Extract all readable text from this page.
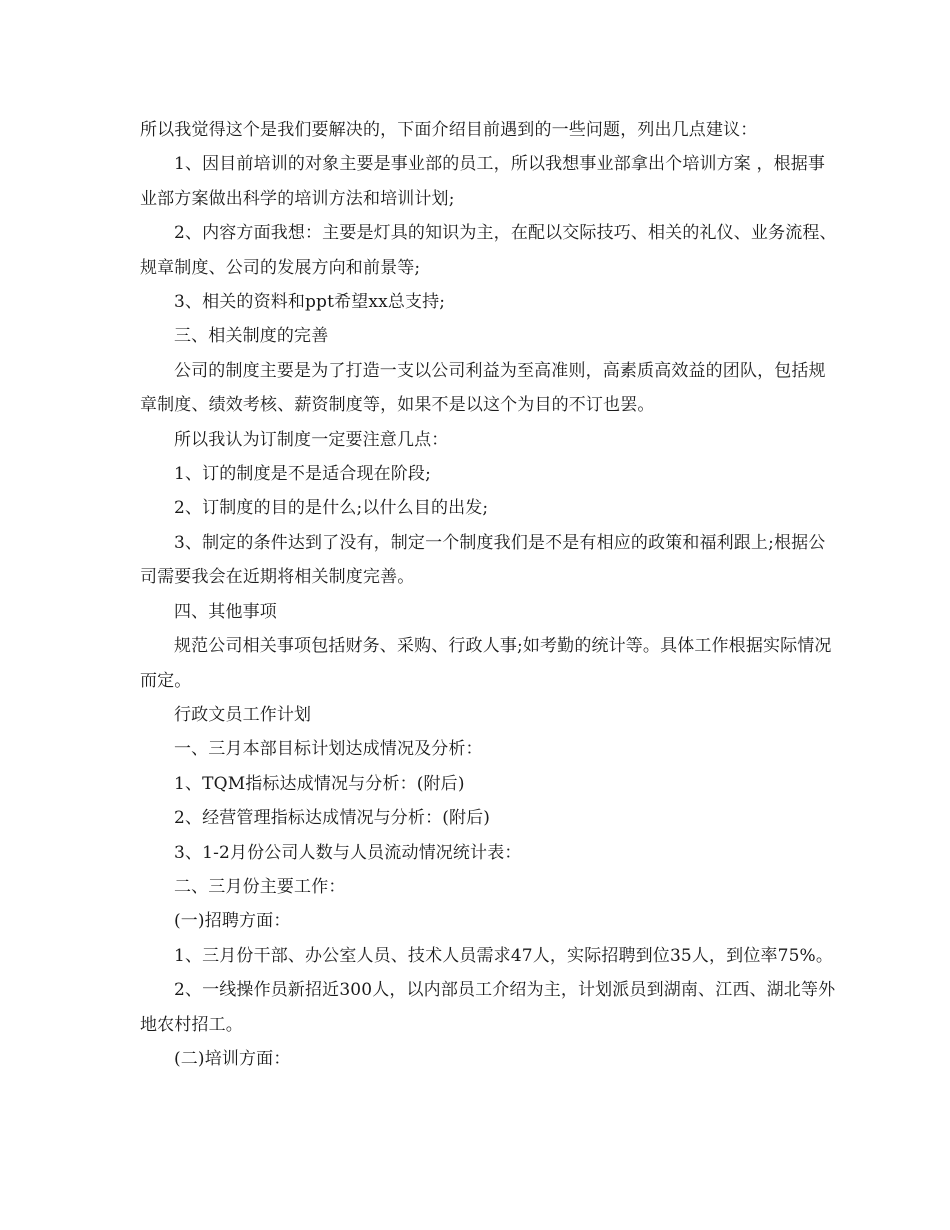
所以我觉得这个是我们要解决的，下面介绍目前遇到的一些问题，列出几点建议：

1、因目前培训的对象主要是事业部的员工，所以我想事业部拿出个培训方案 ，根据事业部方案做出科学的培训方法和培训计划;

2、内容方面我想：主要是灯具的知识为主，在配以交际技巧、相关的礼仪、业务流程、规章制度、公司的发展方向和前景等;

3、相关的资料和ppt希望xx总支持;

三、相关制度的完善

公司的制度主要是为了打造一支以公司利益为至高准则，高素质高效益的团队，包括规章制度、绩效考核、薪资制度等，如果不是以这个为目的不订也罢。

所以我认为订制度一定要注意几点：

1、订的制度是不是适合现在阶段;

2、订制度的目的是什么;以什么目的出发;

3、制定的条件达到了没有，制定一个制度我们是不是有相应的政策和福利跟上;根据公司需要我会在近期将相关制度完善。

四、其他事项

规范公司相关事项包括财务、采购、行政人事;如考勤的统计等。具体工作根据实际情况而定。

行政文员工作计划

一、三月本部目标计划达成情况及分析：

1、TQM指标达成情况与分析：(附后)

2、经营管理指标达成情况与分析：(附后)

3、1-2月份公司人数与人员流动情况统计表：

二、三月份主要工作：

(一)招聘方面：

1、三月份干部、办公室人员、技术人员需求47人，实际招聘到位35人，到位率75%。

2、一线操作员新招近300人，以内部员工介绍为主，计划派员到湖南、江西、湖北等外地农村招工。

(二)培训方面：
